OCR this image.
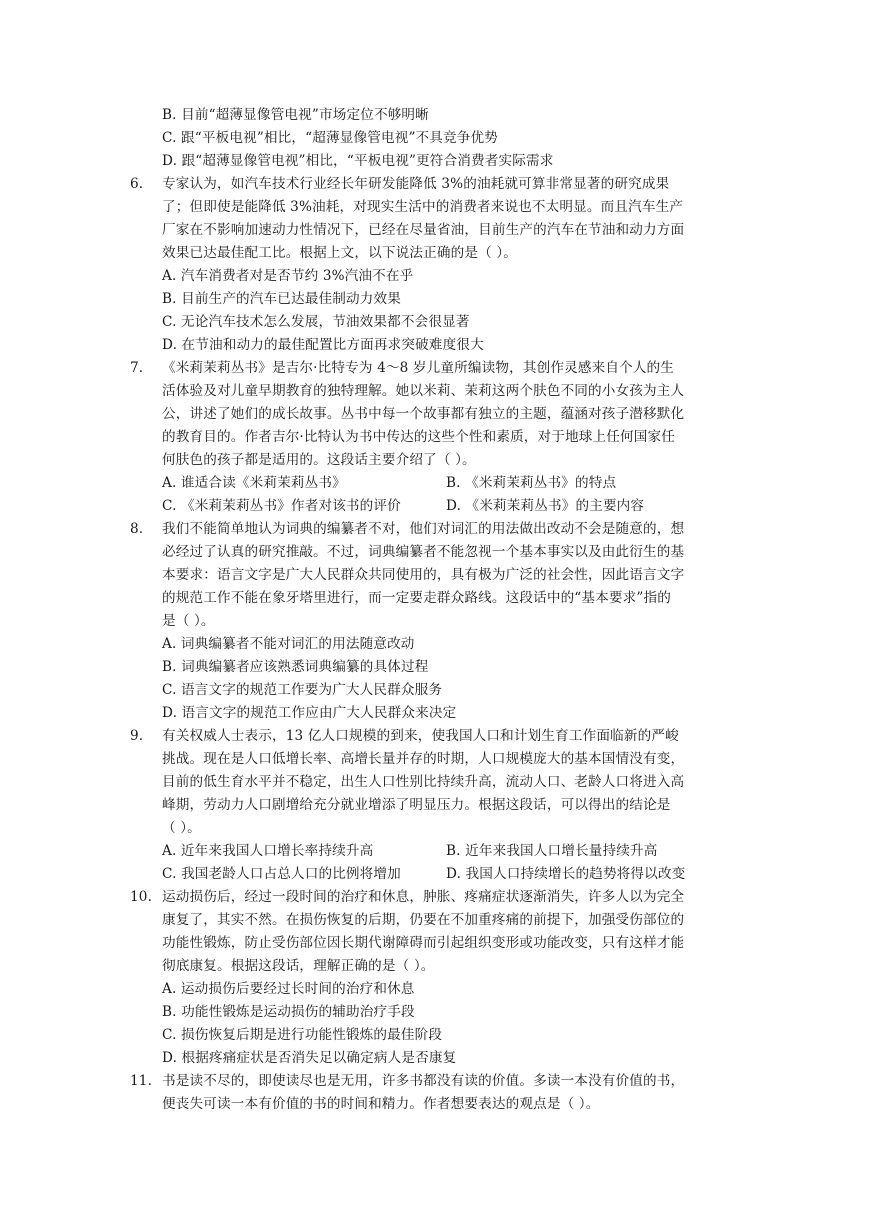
B. 目前“超薄显像管电视”市场定位不够明晰
C. 跟“平板电视”相比，“超薄显像管电视”不具竞争优势
D. 跟“超薄显像管电视”相比，“平板电视”更符合消费者实际需求
6. 专家认为，如汽车技术行业经长年研发能降低 3%的油耗就可算非常显著的研究成果
了；但即使是能降低 3%油耗，对现实生活中的消费者来说也不太明显。而且汽车生产
厂家在不影响加速动力性情况下，已经在尽量省油，目前生产的汽车在节油和动力方面
效果已达最佳配工比。根据上文，以下说法正确的是（ ）。
A. 汽车消费者对是否节约 3%汽油不在乎
B. 目前生产的汽车已达最佳制动力效果
C. 无论汽车技术怎么发展，节油效果都不会很显著
D. 在节油和动力的最佳配置比方面再求突破难度很大
7. 《米莉茉莉丛书》是吉尔·比特专为 4～8 岁儿童所编读物，其创作灵感来自个人的生
活体验及对儿童早期教育的独特理解。她以米莉、茉莉这两个肤色不同的小女孩为主人
公，讲述了她们的成长故事。丛书中每一个故事都有独立的主题，蕴涵对孩子潜移默化
的教育目的。作者吉尔·比特认为书中传达的这些个性和素质，对于地球上任何国家任
何肤色的孩子都是适用的。这段话主要介绍了（ ）。
A. 谁适合读《米莉茉莉丛书》	B. 《米莉茉莉丛书》的特点
C. 《米莉茉莉丛书》作者对该书的评价	D. 《米莉茉莉丛书》的主要内容
8. 我们不能简单地认为词典的编纂者不对，他们对词汇的用法做出改动不会是随意的，想
必经过了认真的研究推敲。不过，词典编纂者不能忽视一个基本事实以及由此衍生的基
本要求：语言文字是广大人民群众共同使用的，具有极为广泛的社会性，因此语言文字
的规范工作不能在象牙塔里进行，而一定要走群众路线。这段话中的“基本要求”指的
是（ ）。
A. 词典编纂者不能对词汇的用法随意改动
B. 词典编纂者应该熟悉词典编纂的具体过程
C. 语言文字的规范工作要为广大人民群众服务
D. 语言文字的规范工作应由广大人民群众来决定
9. 有关权威人士表示，13 亿人口规模的到来，使我国人口和计划生育工作面临新的严峻
挑战。现在是人口低增长率、高增长量并存的时期，人口规模庞大的基本国情没有变，
目前的低生育水平并不稳定，出生人口性别比持续升高，流动人口、老龄人口将进入高
峰期，劳动力人口剧增给充分就业增添了明显压力。根据这段话，可以得出的结论是
（ ）。
A. 近年来我国人口增长率持续升高	B. 近年来我国人口增长量持续升高
C. 我国老龄人口占总人口的比例将增加	D. 我国人口持续增长的趋势将得以改变
10. 运动损伤后，经过一段时间的治疗和休息，肿胀、疼痛症状逐渐消失，许多人以为完全
康复了，其实不然。在损伤恢复的后期，仍要在不加重疼痛的前提下，加强受伤部位的
功能性锻炼，防止受伤部位因长期代谢障碍而引起组织变形或功能改变，只有这样才能
彻底康复。根据这段话，理解正确的是（ ）。
A. 运动损伤后要经过长时间的治疗和休息
B. 功能性锻炼是运动损伤的辅助治疗手段
C. 损伤恢复后期是进行功能性锻炼的最佳阶段
D. 根据疼痛症状是否消失足以确定病人是否康复
11. 书是读不尽的，即使读尽也是无用，许多书都没有读的价值。多读一本没有价值的书，
便丧失可读一本有价值的书的时间和精力。作者想要表达的观点是（ ）。
